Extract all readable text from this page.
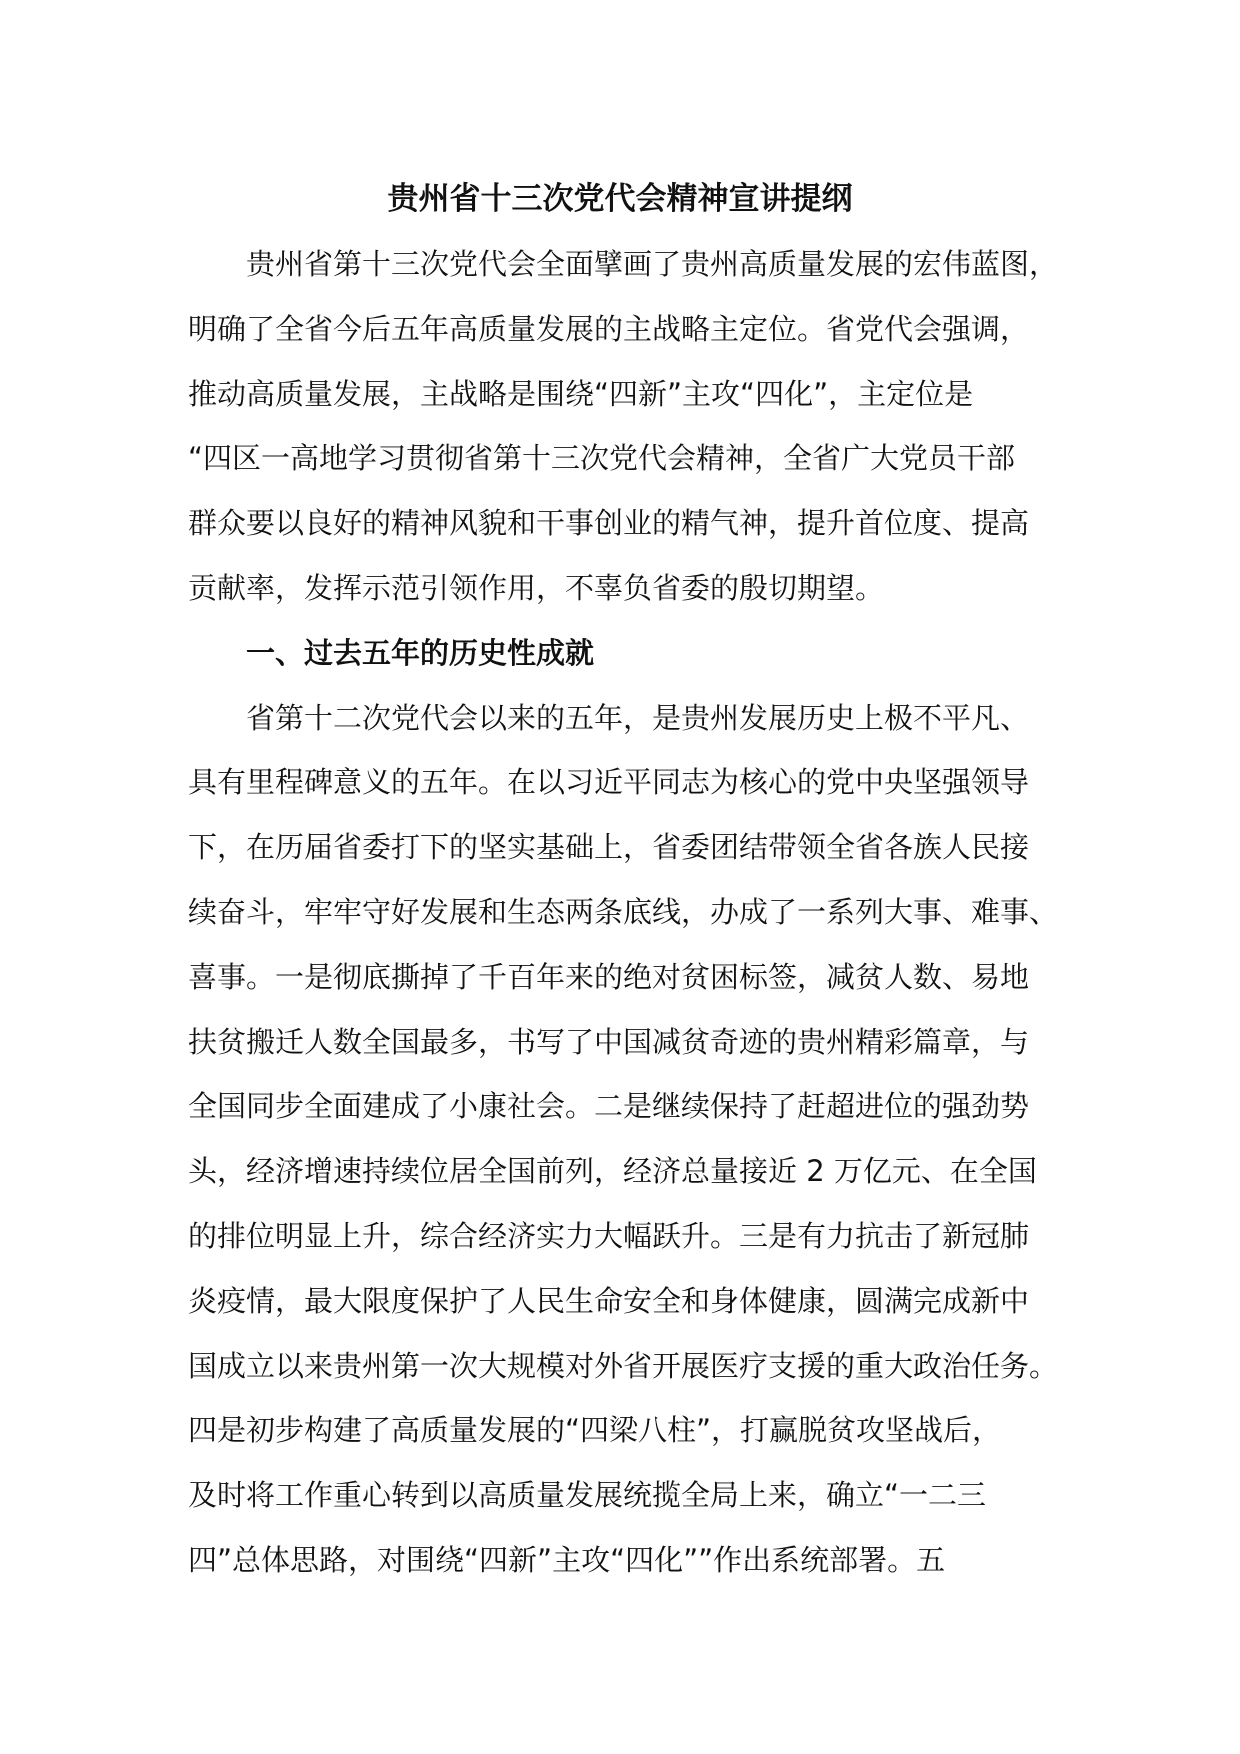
贵州省十三次党代会精神宣讲提纲
贵州省第十三次党代会全面擘画了贵州高质量发展的宏伟蓝图，
明确了全省今后五年高质量发展的主战略主定位。省党代会强调，
推动高质量发展，主战略是围绕“四新”主攻“四化”，主定位是
“四区一高地学习贯彻省第十三次党代会精神，全省广大党员干部
群众要以良好的精神风貌和干事创业的精气神，提升首位度、提高
贡献率，发挥示范引领作用，不辜负省委的殷切期望。
一、过去五年的历史性成就
省第十二次党代会以来的五年，是贵州发展历史上极不平凡、
具有里程碑意义的五年。在以习近平同志为核心的党中央坚强领导
下，在历届省委打下的坚实基础上，省委团结带领全省各族人民接
续奋斗，牢牢守好发展和生态两条底线，办成了一系列大事、难事、
喜事。一是彻底撕掉了千百年来的绝对贫困标签，减贫人数、易地
扶贫搬迁人数全国最多，书写了中国减贫奇迹的贵州精彩篇章，与
全国同步全面建成了小康社会。二是继续保持了赶超进位的强劲势
头，经济增速持续位居全国前列，经济总量接近 2 万亿元、在全国
的排位明显上升，综合经济实力大幅跃升。三是有力抗击了新冠肺
炎疫情，最大限度保护了人民生命安全和身体健康，圆满完成新中
国成立以来贵州第一次大规模对外省开展医疗支援的重大政治任务。
四是初步构建了高质量发展的“四梁八柱”，打赢脱贫攻坚战后，
及时将工作重心转到以高质量发展统揽全局上来，确立“一二三
四”总体思路，对围绕“四新”主攻“四化””作出系统部署。五
